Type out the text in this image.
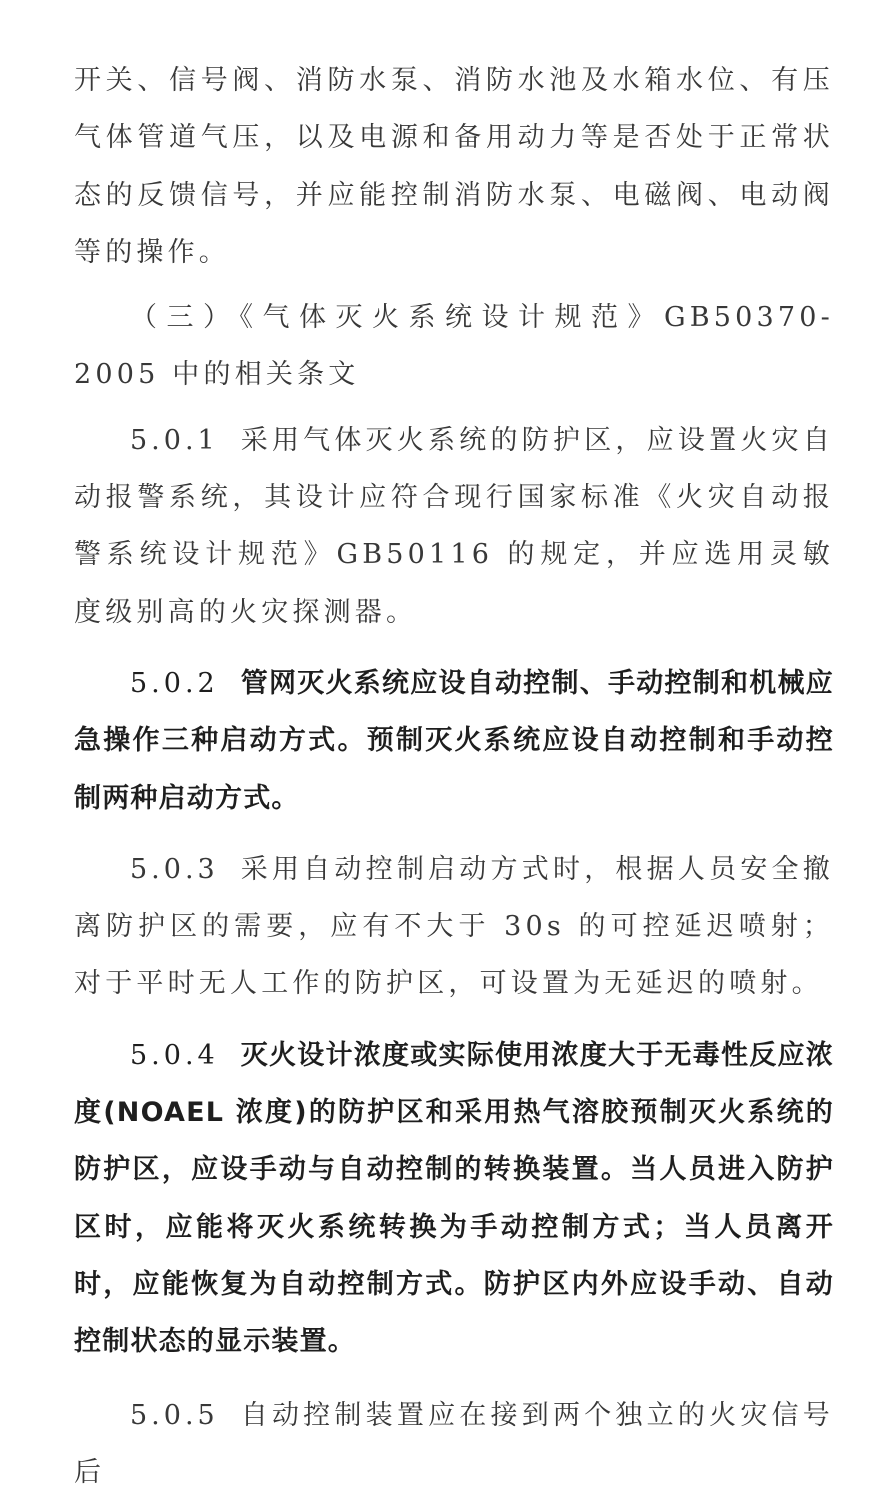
开关、信号阀、消防水泵、消防水池及水箱水位、有压气体管道气压，以及电源和备用动力等是否处于正常状态的反馈信号，并应能控制消防水泵、电磁阀、电动阀等的操作。

（三）《气体灭火系统设计规范》GB50370-2005 中的相关条文

5.0.1 采用气体灭火系统的防护区，应设置火灾自动报警系统，其设计应符合现行国家标准《火灾自动报警系统设计规范》GB50116 的规定，并应选用灵敏度级别高的火灾探测器。

5.0.2 管网灭火系统应设自动控制、手动控制和机械应急操作三种启动方式。预制灭火系统应设自动控制和手动控制两种启动方式。

5.0.3 采用自动控制启动方式时，根据人员安全撤离防护区的需要，应有不大于 30s 的可控延迟喷射；对于平时无人工作的防护区，可设置为无延迟的喷射。

5.0.4 灭火设计浓度或实际使用浓度大于无毒性反应浓度(NOAEL 浓度)的防护区和采用热气溶胶预制灭火系统的防护区，应设手动与自动控制的转换装置。当人员进入防护区时，应能将灭火系统转换为手动控制方式；当人员离开时，应能恢复为自动控制方式。防护区内外应设手动、自动控制状态的显示装置。

5.0.5 自动控制装置应在接到两个独立的火灾信号后
